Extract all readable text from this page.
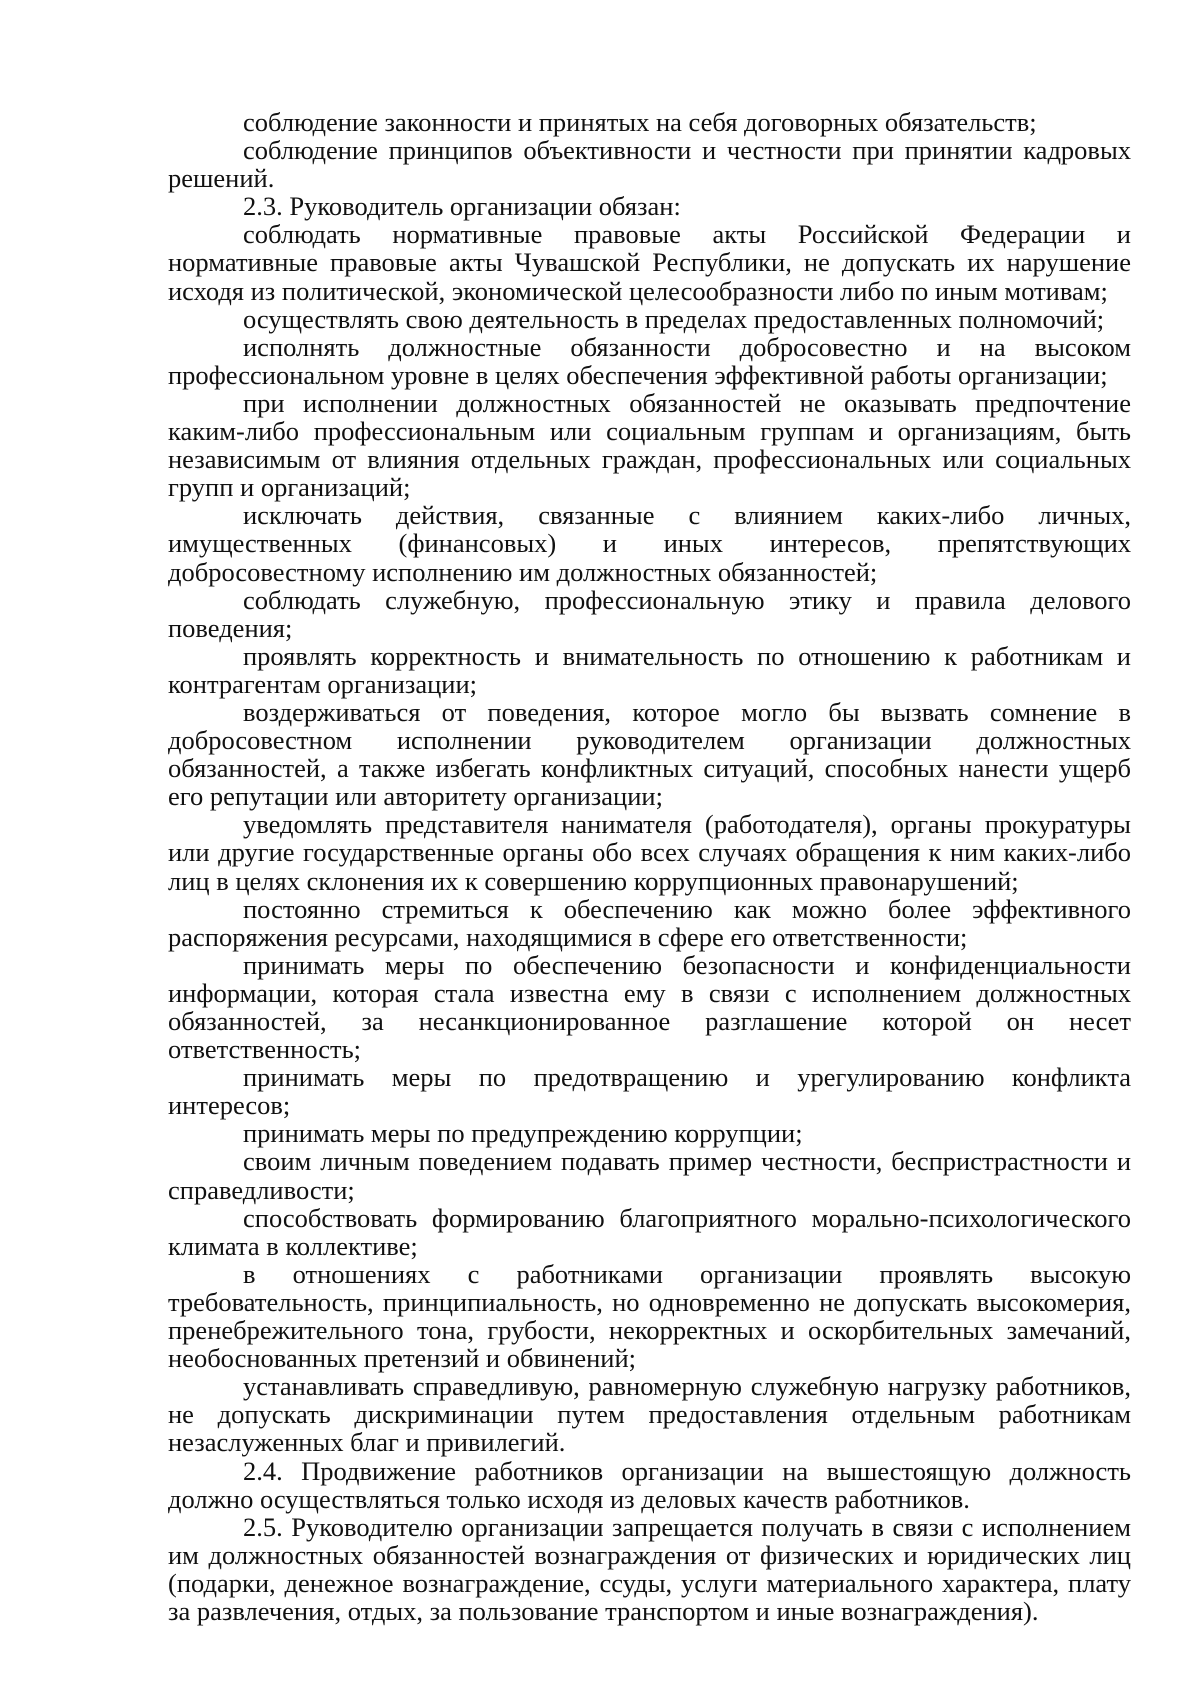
соблюдение законности и принятых на себя договорных обязательств;

соблюдение принципов объективности и честности при принятии кадровых решений.

2.3. Руководитель организации обязан:

соблюдать нормативные правовые акты Российской Федерации и нормативные правовые акты Чувашской Республики, не допускать их нарушение исходя из политической, экономической целесообразности либо по иным мотивам;

осуществлять свою деятельность в пределах предоставленных полномочий;

исполнять должностные обязанности добросовестно и на высоком профессиональном уровне в целях обеспечения эффективной работы организации;

при исполнении должностных обязанностей не оказывать предпочтение каким-либо профессиональным или социальным группам и организациям, быть независимым от влияния отдельных граждан, профессиональных или социальных групп и организаций;

исключать действия, связанные с влиянием каких-либо личных, имущественных (финансовых) и иных интересов, препятствующих добросовестному исполнению им должностных обязанностей;

соблюдать служебную, профессиональную этику и правила делового поведения;

проявлять корректность и внимательность по отношению к работникам и контрагентам организации;

воздерживаться от поведения, которое могло бы вызвать сомнение в добросовестном исполнении руководителем организации должностных обязанностей, а также избегать конфликтных ситуаций, способных нанести ущерб его репутации или авторитету организации;

уведомлять представителя нанимателя (работодателя), органы прокуратуры или другие государственные органы обо всех случаях обращения к ним каких-либо лиц в целях склонения их к совершению коррупционных правонарушений;

постоянно стремиться к обеспечению как можно более эффективного распоряжения ресурсами, находящимися в сфере его ответственности;

принимать меры по обеспечению безопасности и конфиденциальности информации, которая стала известна ему в связи с исполнением должностных обязанностей, за несанкционированное разглашение которой он несет ответственность;

принимать меры по предотвращению и урегулированию конфликта интересов;

принимать меры по предупреждению коррупции;

своим личным поведением подавать пример честности, беспристрастности и справедливости;

способствовать формированию благоприятного морально-психологического климата в коллективе;

в отношениях с работниками организации проявлять высокую требовательность, принципиальность, но одновременно не допускать высокомерия, пренебрежительного тона, грубости, некорректных и оскорбительных замечаний, необоснованных претензий и обвинений;

устанавливать справедливую, равномерную служебную нагрузку работников, не допускать дискриминации путем предоставления отдельным работникам незаслуженных благ и привилегий.

2.4. Продвижение работников организации на вышестоящую должность должно осуществляться только исходя из деловых качеств работников.

2.5. Руководителю организации запрещается получать в связи с исполнением им должностных обязанностей вознаграждения от физических и юридических лиц (подарки, денежное вознаграждение, ссуды, услуги материального характера, плату за развлечения, отдых, за пользование транспортом и иные вознаграждения).
